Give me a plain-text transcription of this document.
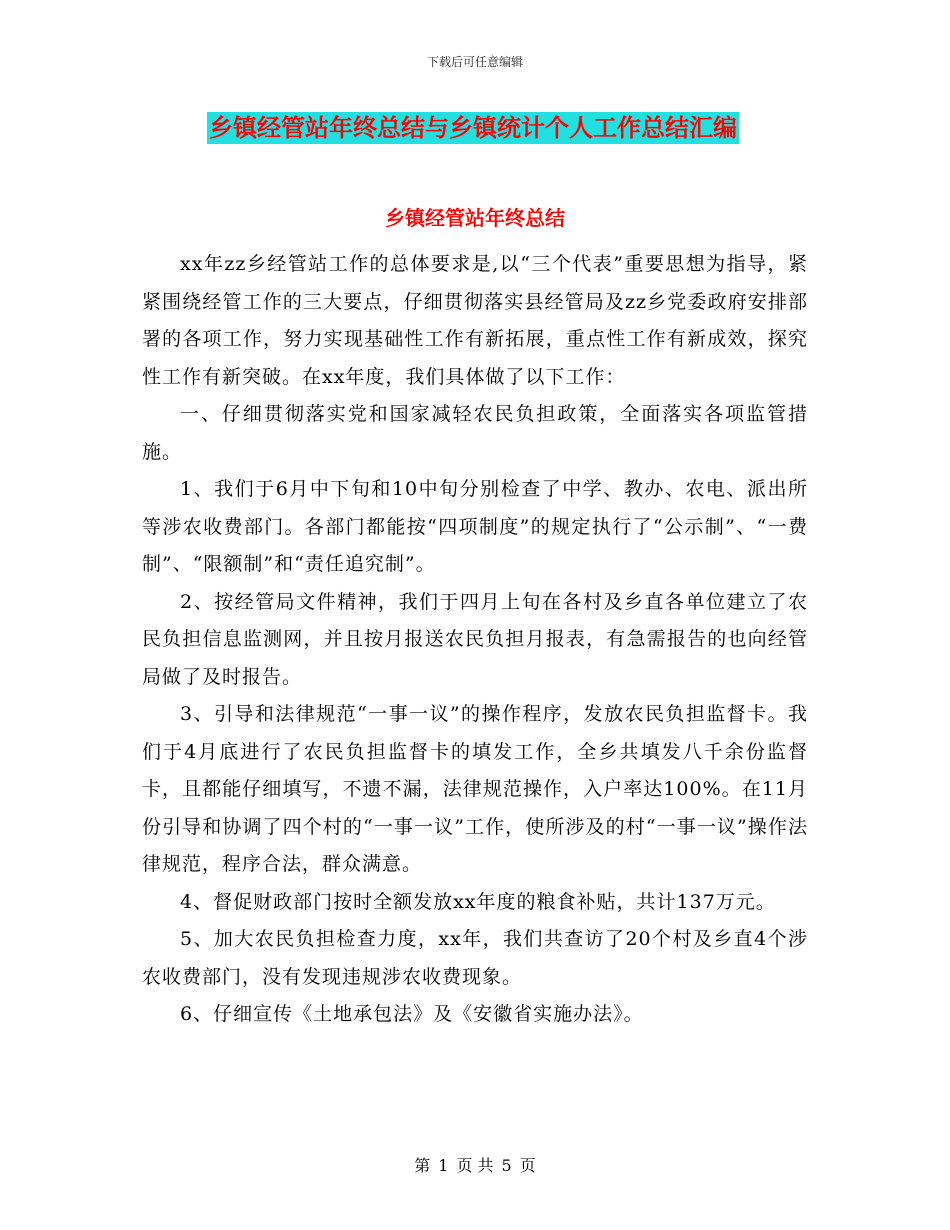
下载后可任意编辑
乡镇经管站年终总结与乡镇统计个人工作总结汇编
乡镇经管站年终总结

xx年zz乡经管站工作的总体要求是,以“三个代表”重要思想为指导，紧紧围绕经管工作的三大要点，仔细贯彻落实县经管局及zz乡党委政府安排部署的各项工作，努力实现基础性工作有新拓展，重点性工作有新成效，探究性工作有新突破。在xx年度，我们具体做了以下工作：

一、仔细贯彻落实党和国家减轻农民负担政策，全面落实各项监管措施。

1、我们于6月中下旬和10中旬分别检查了中学、教办、农电、派出所等涉农收费部门。各部门都能按“四项制度”的规定执行了“公示制”、“一费制”、“限额制”和“责任追究制”。

2、按经管局文件精神，我们于四月上旬在各村及乡直各单位建立了农民负担信息监测网，并且按月报送农民负担月报表，有急需报告的也向经管局做了及时报告。

3、引导和法律规范“一事一议”的操作程序，发放农民负担监督卡。我们于4月底进行了农民负担监督卡的填发工作，全乡共填发八千余份监督卡，且都能仔细填写，不遗不漏，法律规范操作，入户率达100%。在11月份引导和协调了四个村的“一事一议”工作，使所涉及的村“一事一议”操作法律规范，程序合法，群众满意。

4、督促财政部门按时全额发放xx年度的粮食补贴，共计137万元。

5、加大农民负担检查力度，xx年，我们共查访了20个村及乡直4个涉农收费部门，没有发现违规涉农收费现象。

6、仔细宣传《土地承包法》及《安徽省实施办法》。

第 1 页 共 5 页
